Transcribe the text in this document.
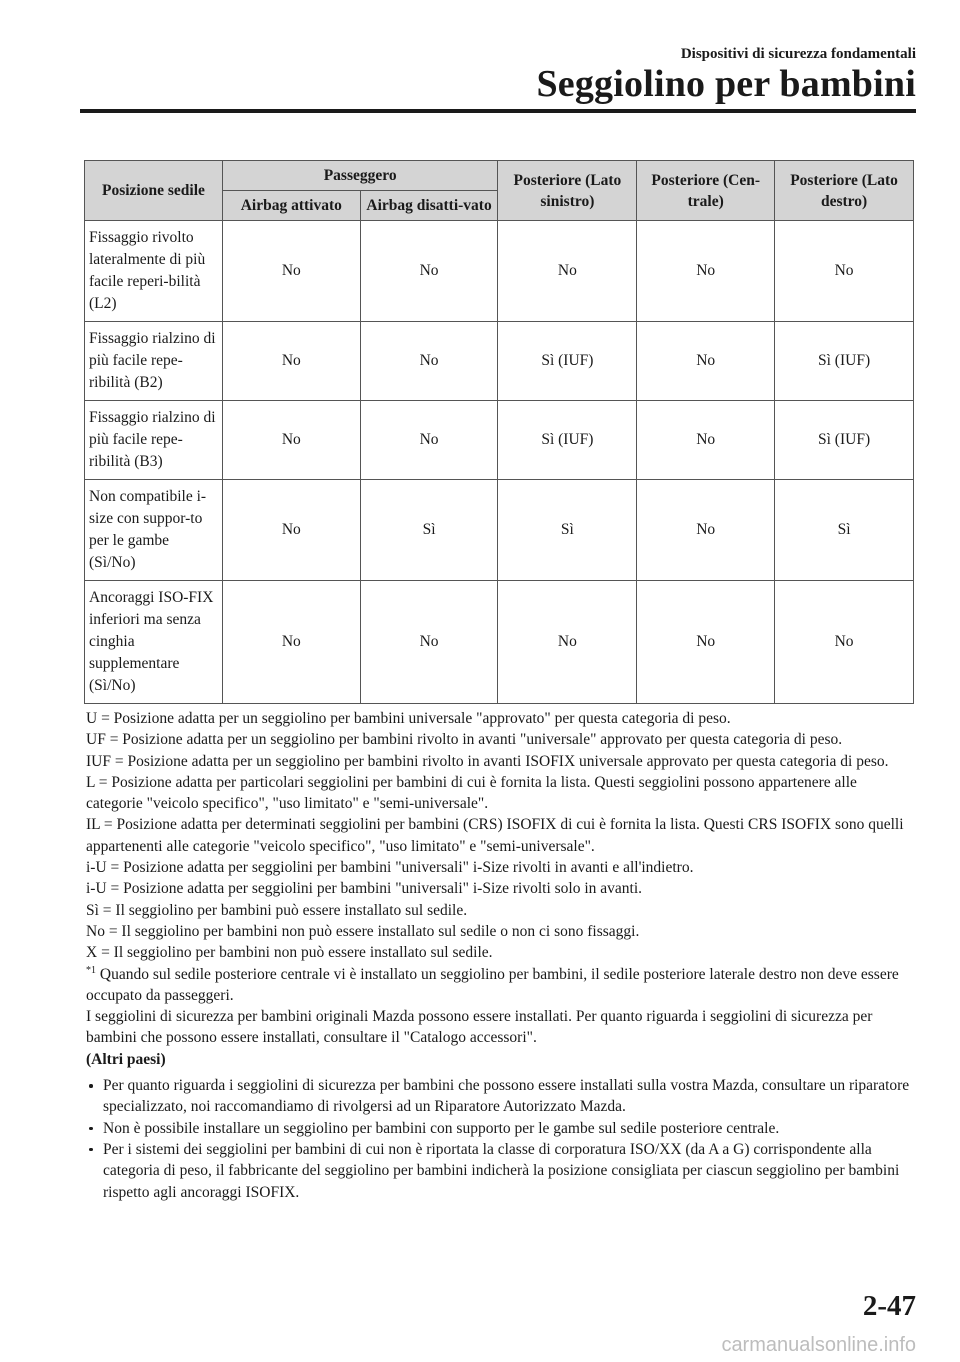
Dispositivi di sicurezza fondamentali
Seggiolino per bambini
Posizione sedile	Passeggero		Posteriore (Lato sinistro)	Posteriore (Cen-trale)	Posteriore (Lato destro)
	Airbag attivato	Airbag disatti-vato			
Fissaggio rivolto lateralmente di più facile reperi-bilità (L2)	No	No	No	No	No
Fissaggio rialzino di più facile repe-ribilità (B2)	No	No	Sì (IUF)	No	Sì (IUF)
Fissaggio rialzino di più facile repe-ribilità (B3)	No	No	Sì (IUF)	No	Sì (IUF)
Non compatibile i-size con suppor-to per le gambe (Sì/No)	No	Sì	Sì	No	Sì
Ancoraggi ISO-FIX inferiori ma senza cinghia supplementare (Sì/No)	No	No	No	No	No

U = Posizione adatta per un seggiolino per bambini universale "approvato" per questa categoria di peso.

UF = Posizione adatta per un seggiolino per bambini rivolto in avanti "universale" approvato per questa categoria di peso.

IUF = Posizione adatta per un seggiolino per bambini rivolto in avanti ISOFIX universale approvato per questa categoria di peso.

L = Posizione adatta per particolari seggiolini per bambini di cui è fornita la lista. Questi seggiolini possono appartenere alle categorie "veicolo specifico", "uso limitato" e "semi-universale".

IL = Posizione adatta per determinati seggiolini per bambini (CRS) ISOFIX di cui è fornita la lista. Questi CRS ISOFIX sono quelli appartenenti alle categorie "veicolo specifico", "uso limitato" e "semi-universale".

i-U = Posizione adatta per seggiolini per bambini "universali" i-Size rivolti in avanti e all'indietro.

i-U = Posizione adatta per seggiolini per bambini "universali" i-Size rivolti solo in avanti.

Sì = Il seggiolino per bambini può essere installato sul sedile.

No = Il seggiolino per bambini non può essere installato sul sedile o non ci sono fissaggi.

X = Il seggiolino per bambini non può essere installato sul sedile.

$^{*1}$ Quando sul sedile posteriore centrale vi è installato un seggiolino per bambini, il sedile posteriore laterale destro non deve essere occupato da passeggeri.

I seggiolini di sicurezza per bambini originali Mazda possono essere installati. Per quanto riguarda i seggiolini di sicurezza per bambini che possono essere installati, consultare il "Catalogo accessori".

(Altri paesi)

Per quanto riguarda i seggiolini di sicurezza per bambini che possono essere installati sulla vostra Mazda, consultare un riparatore specializzato, noi raccomandiamo di rivolgersi ad un Riparatore Autorizzato Mazda.
Non è possibile installare un seggiolino per bambini con supporto per le gambe sul sedile posteriore centrale.
Per i sistemi dei seggiolini per bambini di cui non è riportata la classe di corporatura ISO/XX (da A a G) corrispondente alla categoria di peso, il fabbricante del seggiolino per bambini indicherà la posizione consigliata per ciascun seggiolino per bambini rispetto agli ancoraggi ISOFIX.
2-47
carmanualsonline.info
